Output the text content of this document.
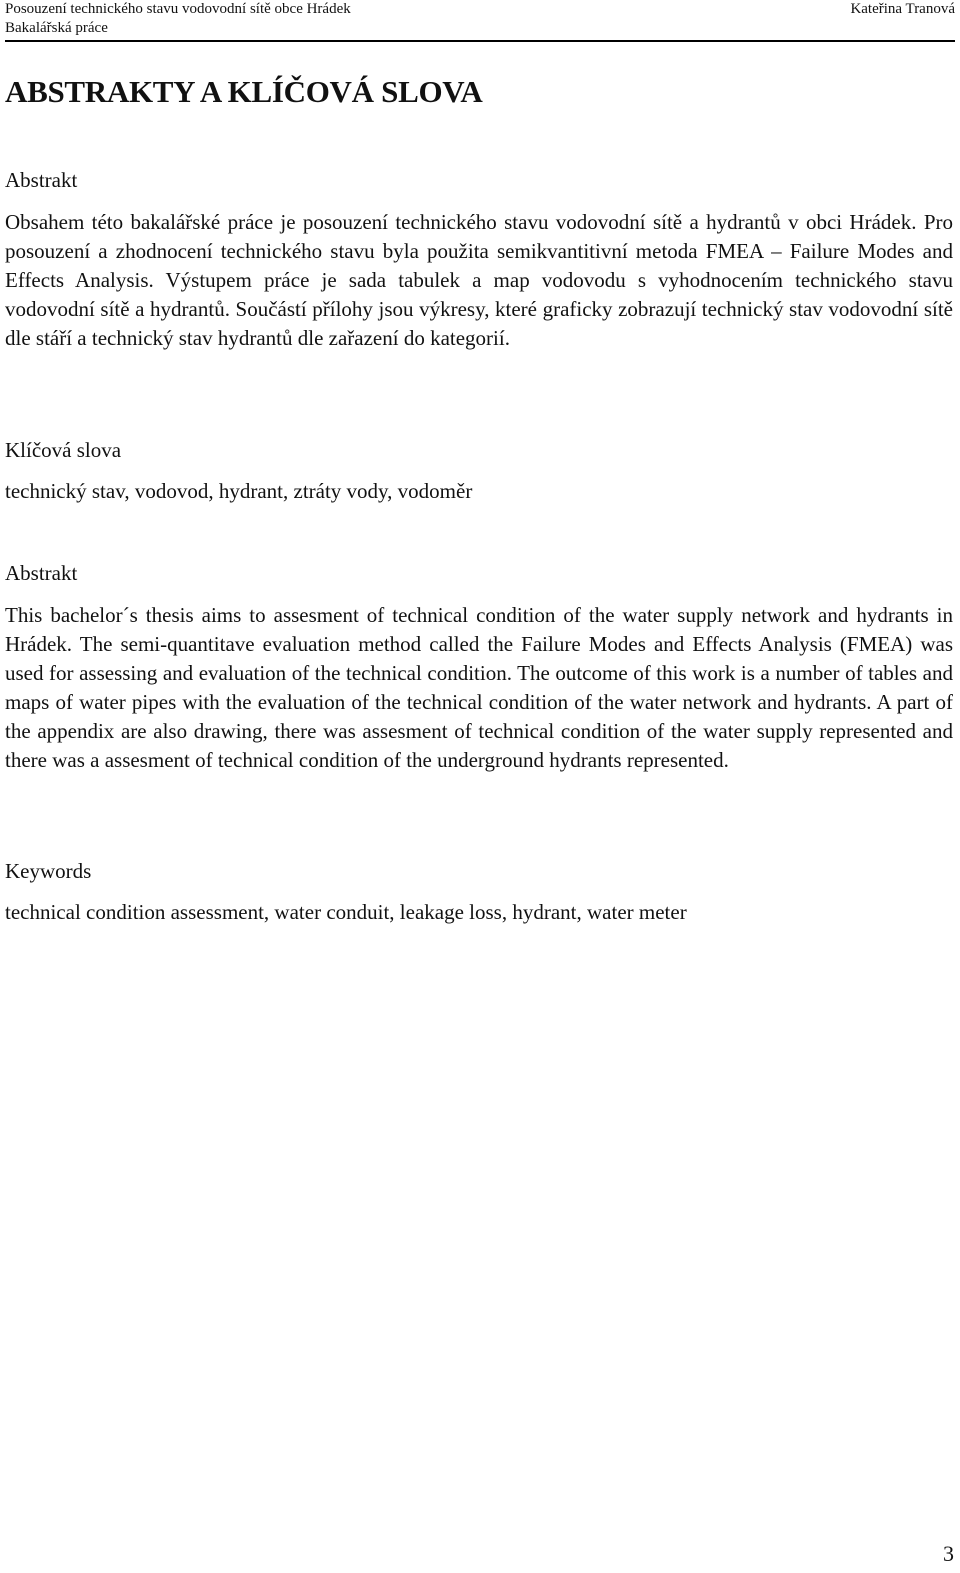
Posouzení technického stavu vodovodní sítě obce Hrádek
Bakalářská práce
Kateřina Tranová
ABSTRAKTY A KLÍČOVÁ SLOVA

Abstrakt

Obsahem této bakalářské práce je posouzení technického stavu vodovodní sítě a hydrantů v obci Hrádek. Pro posouzení a zhodnocení technického stavu byla použita semikvantitivní metoda FMEA – Failure Modes and Effects Analysis. Výstupem práce je sada tabulek a map vodovodu s vyhodnocením technického stavu vodovodní sítě a hydrantů. Součástí přílohy jsou výkresy, které graficky zobrazují technický stav vodovodní sítě dle stáří a technický stav hydrantů dle zařazení do kategorií.

Klíčová slova

technický stav, vodovod, hydrant, ztráty vody, vodoměr

Abstrakt

This bachelor´s thesis aims to assesment of technical condition of the water supply network and hydrants in Hrádek. The semi-quantitave evaluation method called the Failure Modes and Effects Analysis (FMEA) was used for assessing and evaluation of the technical condition. The outcome of this work is a number of tables and maps of water pipes with the evaluation of the technical condition of the water network and hydrants. A part of the appendix are also drawing, there was assesment of technical condition of the water supply represented and there was a assesment of technical condition of the underground hydrants represented.

Keywords

technical condition assessment, water conduit, leakage loss, hydrant, water meter

3
